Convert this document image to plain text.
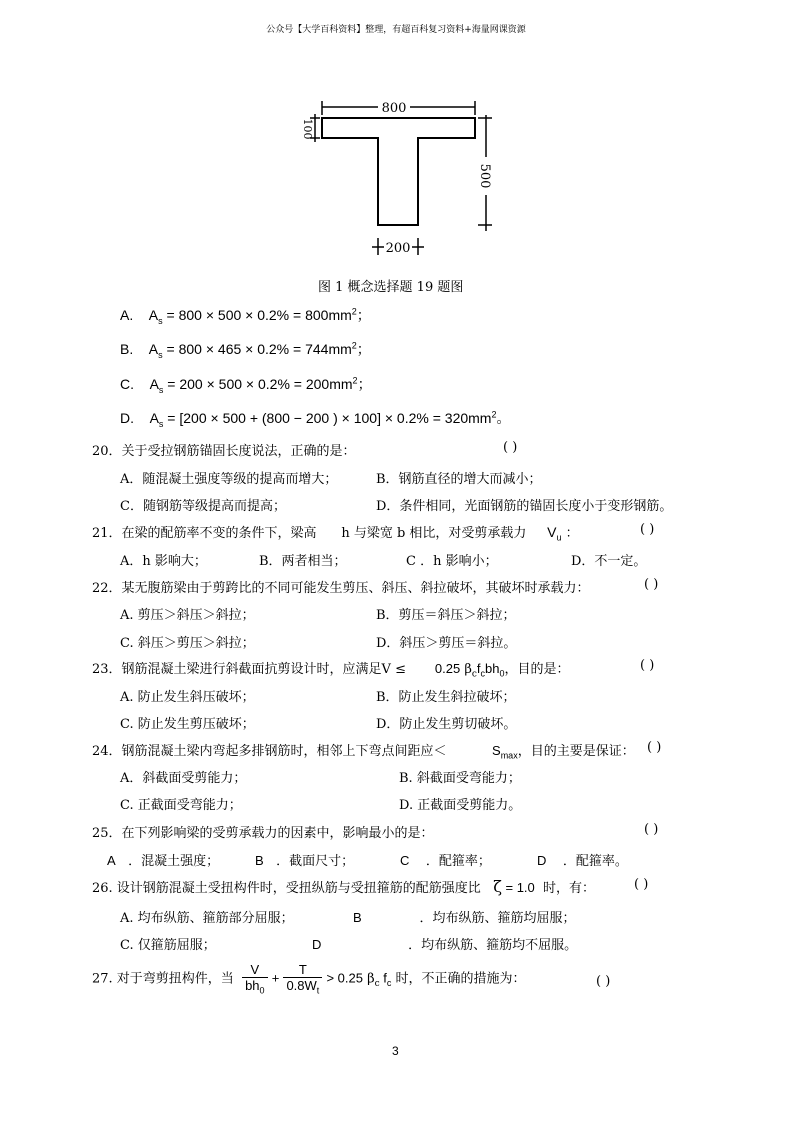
公众号【大学百科资料】整理，有超百科复习资料+海量网课资源
800
100
500
200
图 1 概念选择题 19 题图
A. $A_s = 800 \times 500 \times 0.2\% = 800mm^2$；
B. $A_s = 800 \times 465 \times 0.2\% = 744mm^2$；
C. $A_s = 200 \times 500 \times 0.2\% = 200mm^2$；
D. $A_s = [200 \times 500 + (800 - 200$ ) × $100] \times 0.2\% = 320mm^2$。
20．关于受拉钢筋锚固长度说法，正确的是：	( )
A．随混凝土强度等级的提高而增大；	B．钢筋直径的增大而减小；
C．随钢筋等级提高而提高；	D．条件相同，光面钢筋的锚固长度小于变形钢筋。
21．在梁的配筋率不变的条件下，梁高 h 与梁宽 b 相比，对受剪承载力 $V_u$ ：	( )
A．h 影响大；	B．两者相当；	C ．h 影响小；	D．不一定。
22．某无腹筋梁由于剪跨比的不同可能发生剪压、斜压、斜拉破坏，其破坏时承载力：	( )
A. 剪压＞斜压＞斜拉；	B．剪压＝斜压＞斜拉；
C. 斜压＞剪压＞斜拉；	D．斜压＞剪压＝斜拉。
23．钢筋混凝土梁进行斜截面抗剪设计时，应满足V ≤ 0.25 $\beta_cf_cbh_0$，目的是：	( )
A. 防止发生斜压破坏；	B．防止发生斜拉破坏；
C. 防止发生剪压破坏；	D．防止发生剪切破坏。
24．钢筋混凝土梁内弯起多排钢筋时，相邻上下弯点间距应＜	$S_{max}$，目的主要是保证： ( )
A．斜截面受剪能力；	B. 斜截面受弯能力；
C. 正截面受弯能力；	D. 正截面受剪能力。
25．在下列影响梁的受剪承载力的因素中，影响最小的是：	( )
A ．混凝土强度；	B ．截面尺寸；	C ．配箍率；	D ．配箍率。
26. 设计钢筋混凝土受扭构件时，受扭纵筋与受扭箍筋的配筋强度比 ζ = 1.0 时，有：	( )
A. 均布纵筋、箍筋部分屈服；	B	．均布纵筋、箍筋均屈服；
C. 仅箍筋屈服；	D	．均布纵筋、箍筋均不屈服。
27. 对于弯剪扭构件，当 $\frac{V}{bh_0} + \frac{T}{0.8W_t} > 0.25$ $\beta_c$ $f_c$ 时，不正确的措施为：	( )
3
